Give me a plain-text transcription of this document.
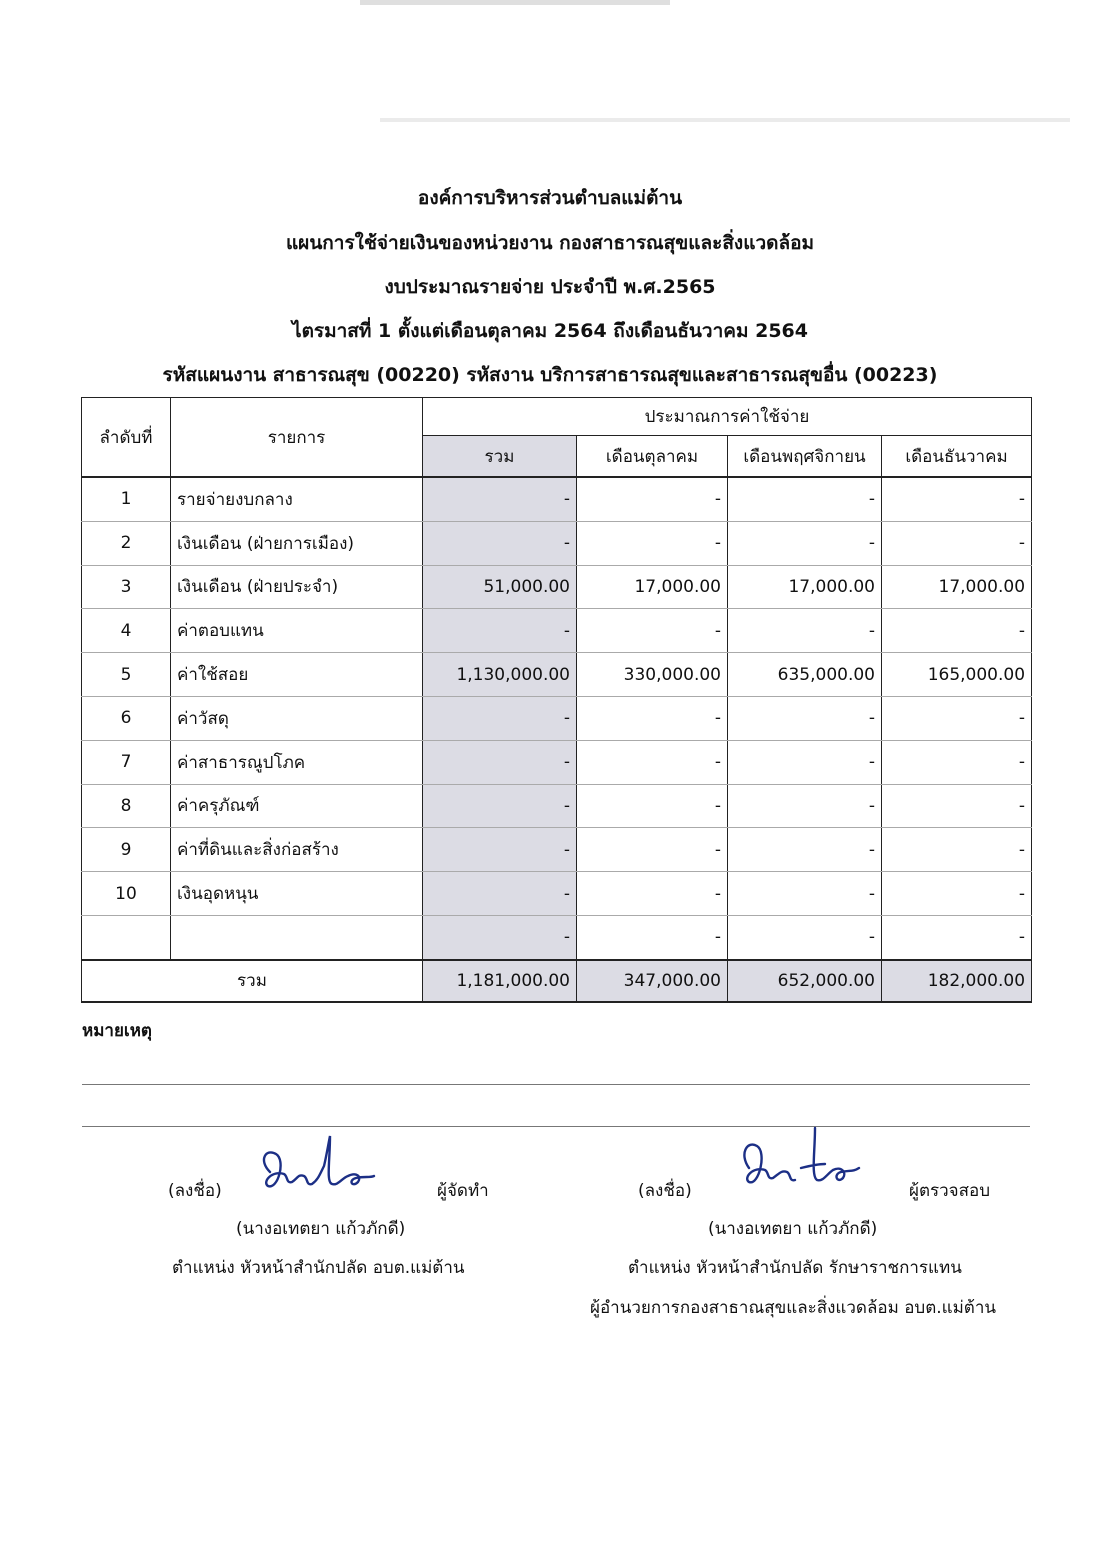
องค์การบริหารส่วนตำบลแม่ต้าน
แผนการใช้จ่ายเงินของหน่วยงาน กองสาธารณสุขและสิ่งแวดล้อม
งบประมาณรายจ่าย ประจำปี พ.ศ.2565
ไตรมาสที่ 1 ตั้งแต่เดือนตุลาคม 2564 ถึงเดือนธันวาคม 2564
รหัสแผนงาน สาธารณสุข (00220) รหัสงาน บริการสาธารณสุขและสาธารณสุขอื่น (00223)
ลำดับที่	รายการ	ประมาณการค่าใช้จ่าย			
		รวม	เดือนตุลาคม	เดือนพฤศจิกายน	เดือนธันวาคม
1	รายจ่ายงบกลาง	-	-	-	-
2	เงินเดือน (ฝ่ายการเมือง)	-	-	-	-
3	เงินเดือน (ฝ่ายประจำ)	51,000.00	17,000.00	17,000.00	17,000.00
4	ค่าตอบแทน	-	-	-	-
5	ค่าใช้สอย	1,130,000.00	330,000.00	635,000.00	165,000.00
6	ค่าวัสดุ	-	-	-	-
7	ค่าสาธารณูปโภค	-	-	-	-
8	ค่าครุภัณฑ์	-	-	-	-
9	ค่าที่ดินและสิ่งก่อสร้าง	-	-	-	-
10	เงินอุดหนุน	-	-	-	-
		-	-	-	-
รวม		1,181,000.00	347,000.00	652,000.00	182,000.00
หมายเหตุ
(ลงชื่อ)	ผู้จัดทำ
(นางอเทตยา แก้วภักดี)
ตำแหน่ง หัวหน้าสำนักปลัด อบต.แม่ต้าน
(ลงชื่อ)	ผู้ตรวจสอบ
(นางอเทตยา แก้วภักดี)
ตำแหน่ง หัวหน้าสำนักปลัด รักษาราชการแทน
ผู้อำนวยการกองสาธาณสุขและสิ่งแวดล้อม อบต.แม่ต้าน
